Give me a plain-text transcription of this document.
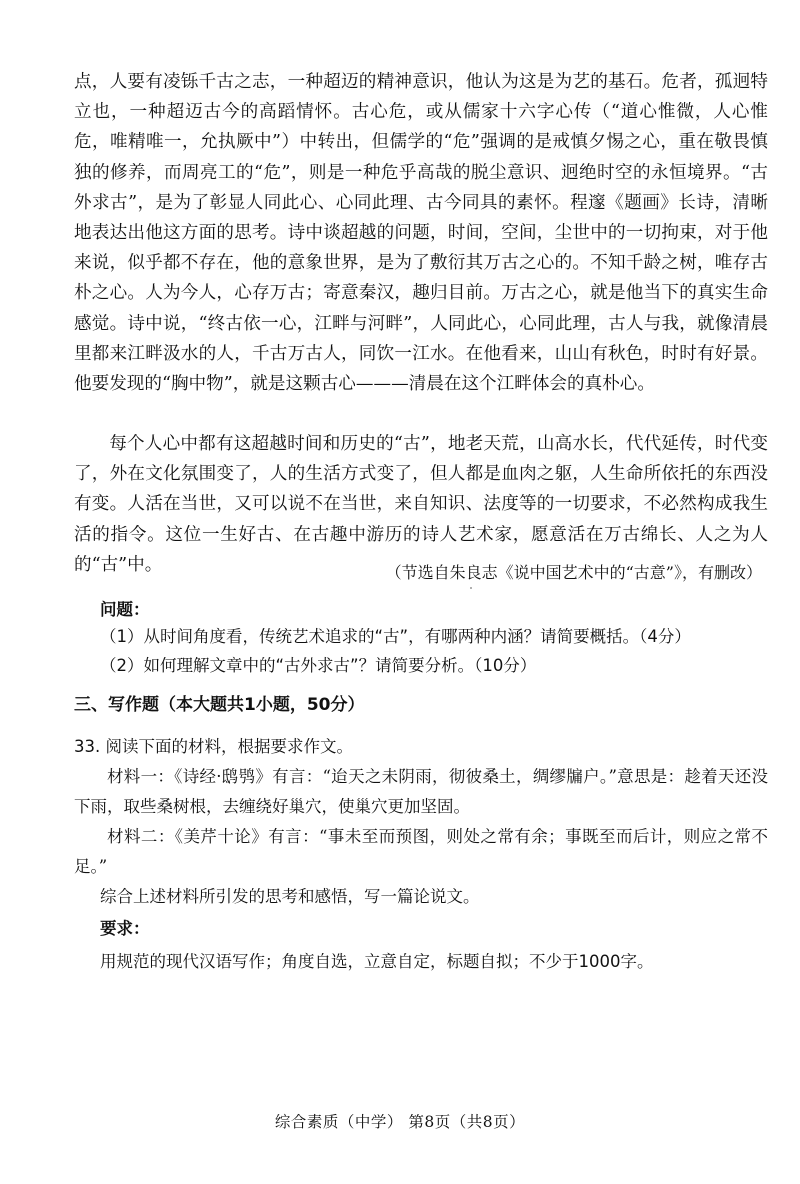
点，人要有凌铄千古之志，一种超迈的精神意识，他认为这是为艺的基石。危者，孤迥特立也，一种超迈古今的高蹈情怀。古心危，或从儒家十六字心传（“道心惟微，人心惟危，唯精唯一，允执厥中”）中转出，但儒学的“危”强调的是戒慎夕惕之心，重在敬畏慎独的修养，而周亮工的“危”，则是一种危乎高哉的脱尘意识、迥绝时空的永恒境界。“古外求古”，是为了彰显人同此心、心同此理、古今同具的素怀。程邃《题画》长诗，清晰地表达出他这方面的思考。诗中谈超越的问题，时间，空间，尘世中的一切拘束，对于他来说，似乎都不存在，他的意象世界，是为了敷衍其万古之心的。不知千龄之树，唯存古朴之心。人为今人，心存万古；寄意秦汉，趣归目前。万古之心，就是他当下的真实生命感觉。诗中说，“终古依一心，江畔与河畔”，人同此心，心同此理，古人与我，就像清晨里都来江畔汲水的人，千古万古人，同饮一江水。在他看来，山山有秋色，时时有好景。他要发现的“胸中物”，就是这颗古心———清晨在这个江畔体会的真朴心。

每个人心中都有这超越时间和历史的“古”，地老天荒，山高水长，代代延传，时代变了，外在文化氛围变了，人的生活方式变了，但人都是血肉之躯，人生命所依托的东西没有变。人活在当世，又可以说不在当世，来自知识、法度等的一切要求，不必然构成我生活的指令。这位一生好古、在古趣中游历的诗人艺术家，愿意活在万古绵长、人之为人的“古”中。	（节选自朱良志《说中国艺术中的“古意”》，有删改）
问题：
（1）从时间角度看，传统艺术追求的“古”，有哪两种内涵？请简要概括。（4分）
（2）如何理解文章中的“古外求古”？请简要分析。（10分）
三、写作题（本大题共1小题，50分）
33. 阅读下面的材料，根据要求作文。

材料一：《诗经·鸱鸮》有言：“迨天之未阴雨，彻彼桑土，绸缪牖户。”意思是：趁着天还没下雨，取些桑树根，去缠绕好巢穴，使巢穴更加坚固。

材料二：《美芹十论》有言：“事未至而预图，则处之常有余；事既至而后计，则应之常不足。”

综合上述材料所引发的思考和感悟，写一篇论说文。
要求：
用规范的现代汉语写作；角度自选，立意自定，标题自拟；不少于1000字。
综合素质（中学） 第8页（共8页）
